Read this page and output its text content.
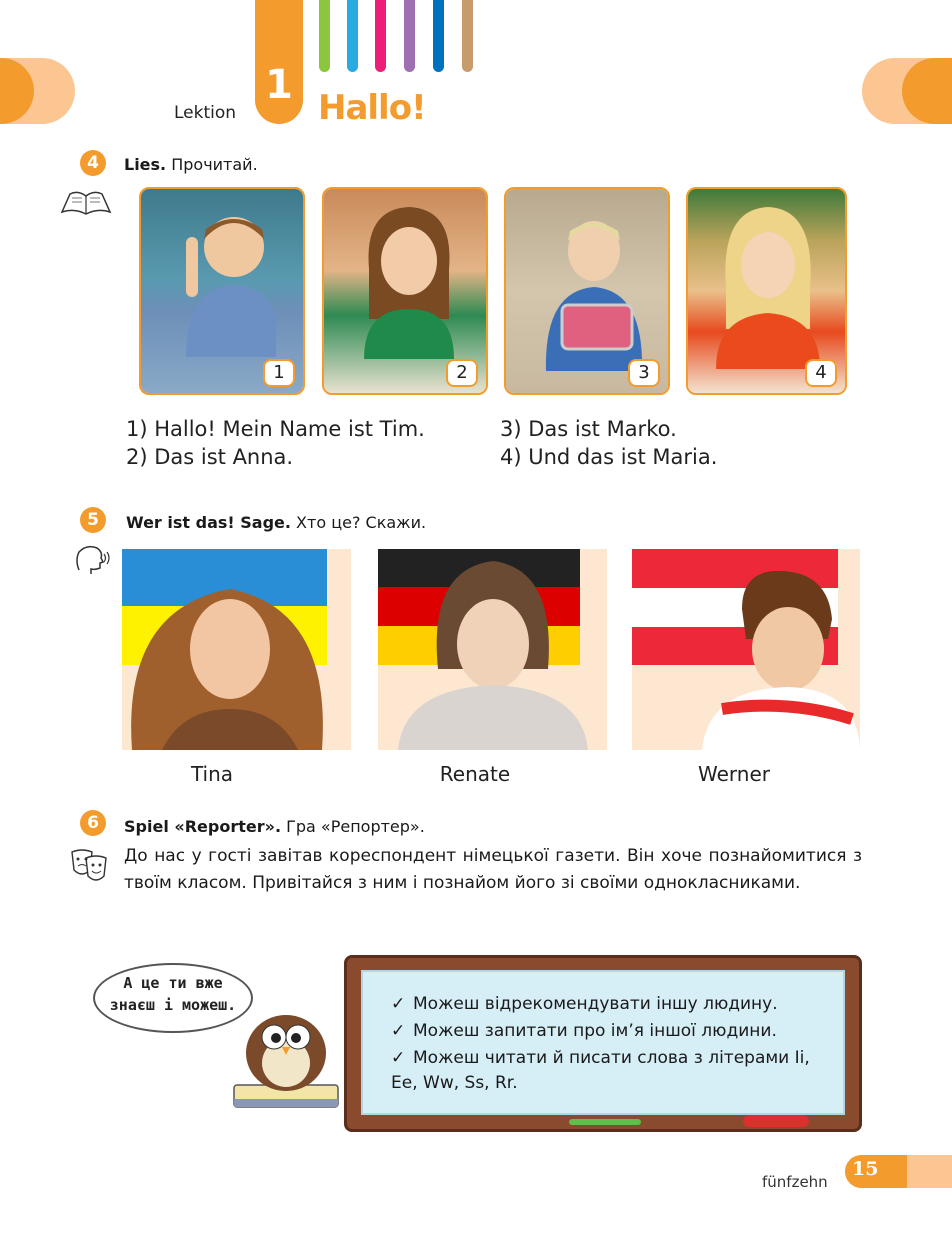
Lektion
1 Hallo!
4	Lies. Прочитай.
1	2	3	4
1) Hallo! Mein Name ist Tim.
2) Das ist Anna.
3) Das ist Marko.
4) Und das ist Maria.
5	Wer ist das! Sage. Хто це? Скажи.
Tina	Renate	Werner
6	Spiel «Reporter». Гра «Репортер».
До нас у гості завітав кореспондент німецької газети. Він хоче познайомитися з твоїм класом. Привітайся з ним і познайом його зі своїми однокласниками.
А це ти вже знаєш і можеш.	✓ Можеш відрекомендувати іншу людину.
✓ Можеш запитати про ім’я іншої людини.
✓ Можеш читати й писати слова з літерами Ii, Ee, Ww, Ss, Rr.
fünfzehn
15
